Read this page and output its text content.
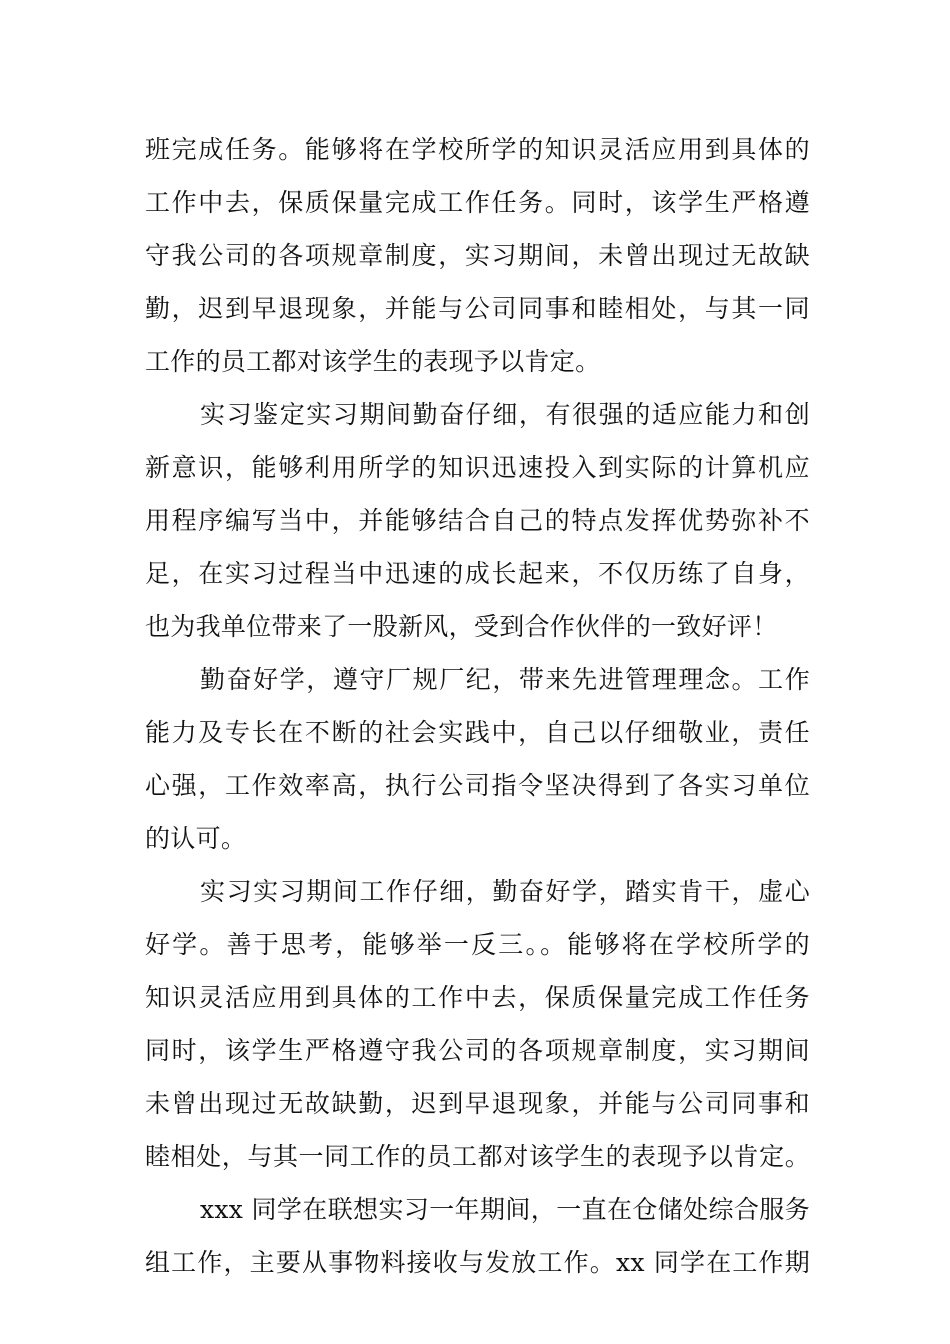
班完成任务。能够将在学校所学的知识灵活应用到具体的
工作中去，保质保量完成工作任务。同时，该学生严格遵
守我公司的各项规章制度，实习期间，未曾出现过无故缺
勤，迟到早退现象，并能与公司同事和睦相处，与其一同
工作的员工都对该学生的表现予以肯定。
实习鉴定实习期间勤奋仔细，有很强的适应能力和创
新意识，能够利用所学的知识迅速投入到实际的计算机应
用程序编写当中，并能够结合自己的特点发挥优势弥补不
足，在实习过程当中迅速的成长起来，不仅历练了自身，
也为我单位带来了一股新风，受到合作伙伴的一致好评！
勤奋好学，遵守厂规厂纪，带来先进管理理念。工作
能力及专长在不断的社会实践中，自己以仔细敬业，责任
心强，工作效率高，执行公司指令坚决得到了各实习单位
的认可。
实习实习期间工作仔细，勤奋好学，踏实肯干，虚心
好学。善于思考，能够举一反三。。能够将在学校所学的
知识灵活应用到具体的工作中去，保质保量完成工作任务
同时，该学生严格遵守我公司的各项规章制度，实习期间
未曾出现过无故缺勤，迟到早退现象，并能与公司同事和
睦相处，与其一同工作的员工都对该学生的表现予以肯定。
xxx 同学在联想实习一年期间，一直在仓储处综合服务
组工作，主要从事物料接收与发放工作。xx 同学在工作期
